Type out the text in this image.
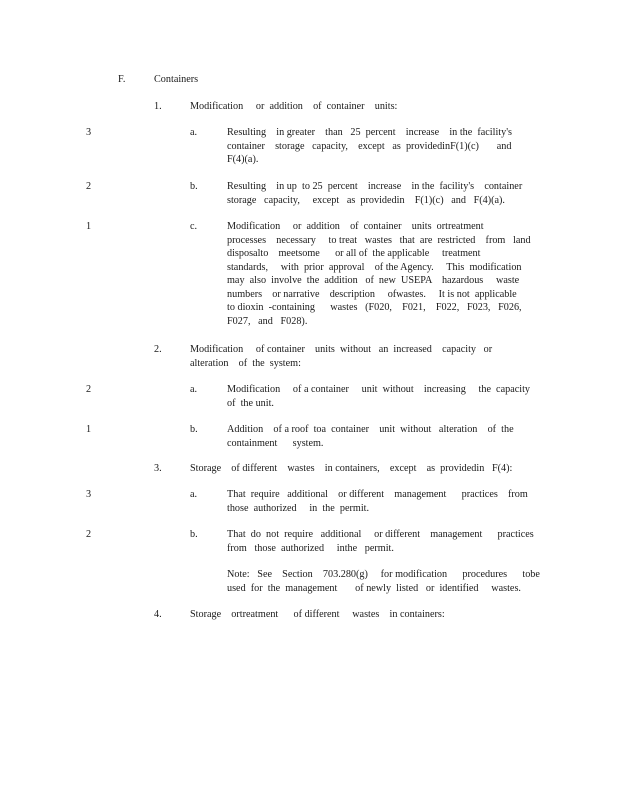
F.	Containers
1.	Modification     or  addition    of  container    units:
3	a.	Resulting    in greater    than   25  percent    increase    in the  facility's
container    storage   capacity,    except   as  providedinF(1)(c)       and
F(4)(a).
2	b.	Resulting    in up  to 25  percent    increase    in the  facility's    container
storage   capacity,     except   as  providedin    F(1)(c)   and   F(4)(a).
1	c.	Modification     or  addition    of  container    units  ortreatment
processes    necessary     to treat   wastes   that  are  restricted    from   land
disposalto    meetsome      or all of  the applicable     treatment
standards,     with  prior  approval    of the Agency.     This  modification
may  also  involve  the  addition   of  new  USEPA    hazardous     waste
numbers    or narrative    description     ofwastes.     It is not  applicable
to dioxin  -containing      wastes   (F020,    F021,    F022,   F023,   F026,
F027,   and   F028).
2.	Modification     of container    units  without   an  increased    capacity   or
alteration    of  the  system:
2	a.	Modification     of a container     unit  without    increasing     the  capacity
of  the unit.
1	b.	Addition    of a roof  toa  container    unit  without   alteration    of  the
containment      system.
3.	Storage    of different    wastes    in containers,    except    as  providedin   F(4):
3	a.	That  require   additional    or different    management      practices    from
those  authorized     in  the  permit.
2	b.	That  do  not  require   additional     or different    management      practices
from   those  authorized     inthe   permit.
Note:   See    Section    703.280(g)     for modification      procedures      tobe
used  for  the  management       of newly  listed   or  identified     wastes.
4.	Storage    ortreatment      of different     wastes    in containers:
